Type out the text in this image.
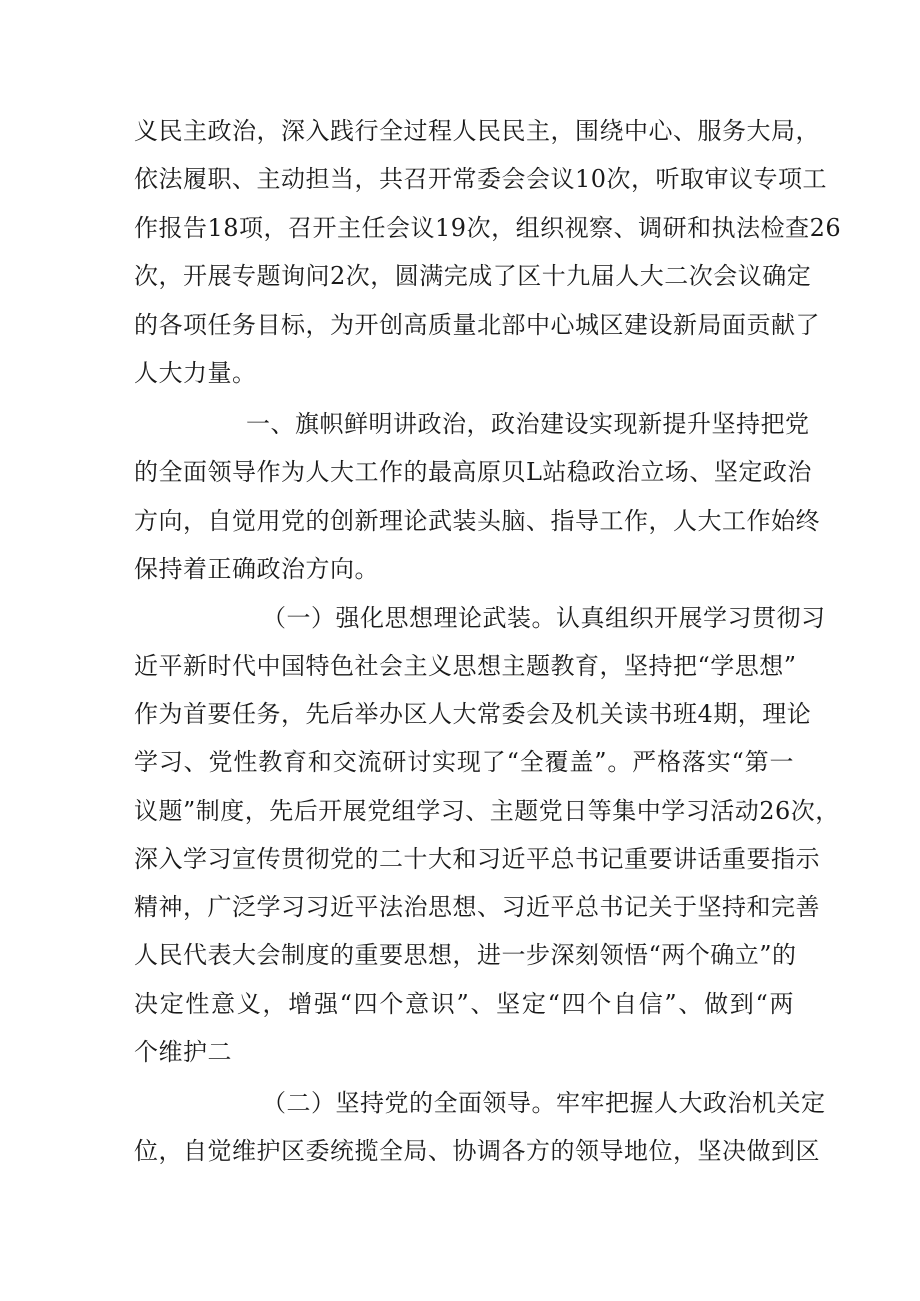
义民主政治，深入践行全过程人民民主，围绕中心、服务大局，
依法履职、主动担当，共召开常委会会议10次，听取审议专项工
作报告18项，召开主任会议19次，组织视察、调研和执法检查26
次，开展专题询问2次，圆满完成了区十九届人大二次会议确定
的各项任务目标，为开创高质量北部中心城区建设新局面贡献了
人大力量。
一、旗帜鲜明讲政治，政治建设实现新提升坚持把党
的全面领导作为人大工作的最高原贝L站稳政治立场、坚定政治
方向，自觉用党的创新理论武装头脑、指导工作，人大工作始终
保持着正确政治方向。
（一）强化思想理论武装。认真组织开展学习贯彻习
近平新时代中国特色社会主义思想主题教育，坚持把“学思想”
作为首要任务，先后举办区人大常委会及机关读书班4期，理论
学习、党性教育和交流研讨实现了“全覆盖”。严格落实“第一
议题”制度，先后开展党组学习、主题党日等集中学习活动26次，
深入学习宣传贯彻党的二十大和习近平总书记重要讲话重要指示
精神，广泛学习习近平法治思想、习近平总书记关于坚持和完善
人民代表大会制度的重要思想，进一步深刻领悟“两个确立”的
决定性意义，增强“四个意识”、坚定“四个自信”、做到“两
个维护二
（二）坚持党的全面领导。牢牢把握人大政治机关定
位，自觉维护区委统揽全局、协调各方的领导地位，坚决做到区
